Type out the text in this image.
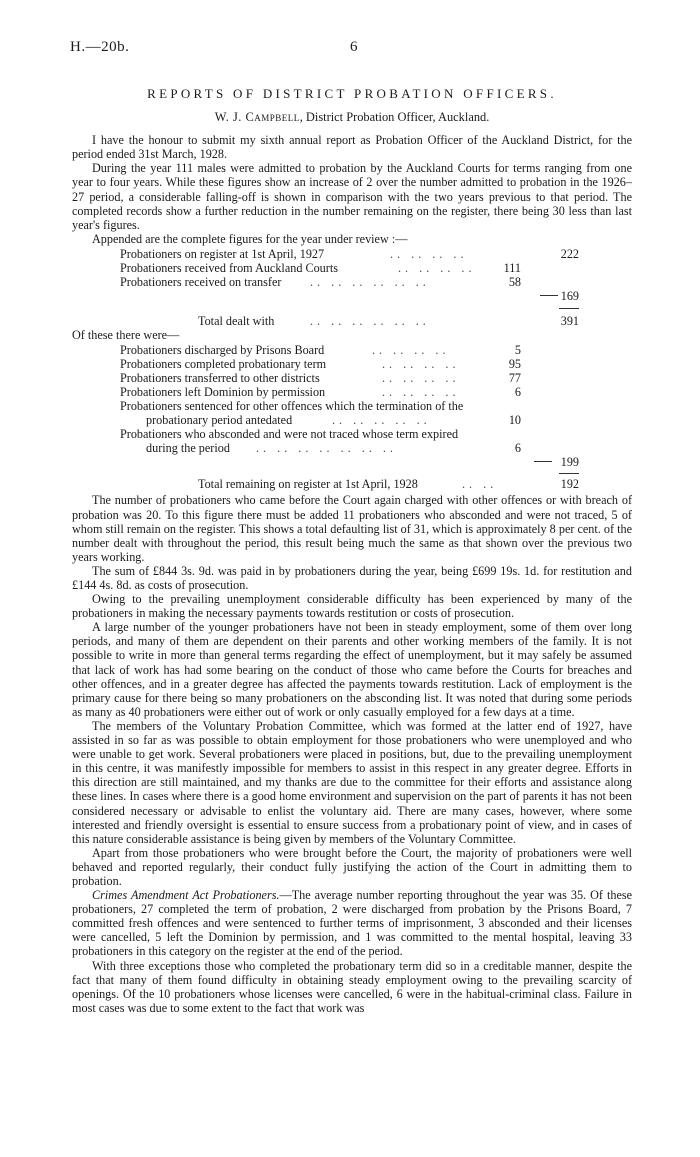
H.—20b.	6
REPORTS OF DISTRICT PROBATION OFFICERS.
W. J. Campbell, District Probation Officer, Auckland.

I have the honour to submit my sixth annual report as Probation Officer of the Auckland District, for the period ended 31st March, 1928.

During the year 111 males were admitted to probation by the Auckland Courts for terms ranging from one year to four years. While these figures show an increase of 2 over the number admitted to probation in the 1926–27 period, a considerable falling-off is shown in comparison with the two years previous to that period. The completed records show a further reduction in the number remaining on the register, there being 30 less than last year's figures.

Appended are the complete figures for the year under review :—

Probationers on register at 1st April, 1927	.. .. .. ..	222
Probationers received from Auckland Courts	.. .. .. ..	111
Probationers received on transfer .. .. .. .. .. ..	58
169
Total dealt with	.. .. .. .. .. ..	391
Of these there were—
Probationers discharged by Prisons Board	.. .. .. ..	5
Probationers completed probationary term	.. .. .. ..	95
Probationers transferred to other districts	.. .. .. ..	77
Probationers left Dominion by permission	.. .. .. ..	6
Probationers sentenced for other offences which the termination of the
probationary period antedated	.. .. .. .. ..	10
Probationers who absconded and were not traced whose term expired
during the period .. .. .. .. .. .. ..	6
199
Total remaining on register at 1st April, 1928	.. ..	192

The number of probationers who came before the Court again charged with other offences or with breach of probation was 20. To this figure there must be added 11 probationers who absconded and were not traced, 5 of whom still remain on the register. This shows a total defaulting list of 31, which is approximately 8 per cent. of the number dealt with throughout the period, this result being much the same as that shown over the previous two years working.

The sum of £844 3s. 9d. was paid in by probationers during the year, being £699 19s. 1d. for restitution and £144 4s. 8d. as costs of prosecution.

Owing to the prevailing unemployment considerable difficulty has been experienced by many of the probationers in making the necessary payments towards restitution or costs of prosecution.

A large number of the younger probationers have not been in steady employment, some of them over long periods, and many of them are dependent on their parents and other working members of the family. It is not possible to write in more than general terms regarding the effect of unemployment, but it may safely be assumed that lack of work has had some bearing on the conduct of those who came before the Courts for breaches and other offences, and in a greater degree has affected the payments towards restitution. Lack of employment is the primary cause for there being so many probationers on the absconding list. It was noted that during some periods as many as 40 probationers were either out of work or only casually employed for a few days at a time.

The members of the Voluntary Probation Committee, which was formed at the latter end of 1927, have assisted in so far as was possible to obtain employment for those probationers who were unemployed and who were unable to get work. Several probationers were placed in positions, but, due to the prevailing unemployment in this centre, it was manifestly impossible for members to assist in this respect in any greater degree. Efforts in this direction are still maintained, and my thanks are due to the committee for their efforts and assistance along these lines. In cases where there is a good home environment and supervision on the part of parents it has not been considered necessary or advisable to enlist the voluntary aid. There are many cases, however, where some interested and friendly oversight is essential to ensure success from a probationary point of view, and in cases of this nature considerable assistance is being given by members of the Voluntary Committee.

Apart from those probationers who were brought before the Court, the majority of probationers were well behaved and reported regularly, their conduct fully justifying the action of the Court in admitting them to probation.

Crimes Amendment Act Probationers.—The average number reporting throughout the year was 35. Of these probationers, 27 completed the term of probation, 2 were discharged from probation by the Prisons Board, 7 committed fresh offences and were sentenced to further terms of imprisonment, 3 absconded and their licenses were cancelled, 5 left the Dominion by permission, and 1 was committed to the mental hospital, leaving 33 probationers in this category on the register at the end of the period.

With three exceptions those who completed the probationary term did so in a creditable manner, despite the fact that many of them found difficulty in obtaining steady employment owing to the prevailing scarcity of openings. Of the 10 probationers whose licenses were cancelled, 6 were in the habitual-criminal class. Failure in most cases was due to some extent to the fact that work was
